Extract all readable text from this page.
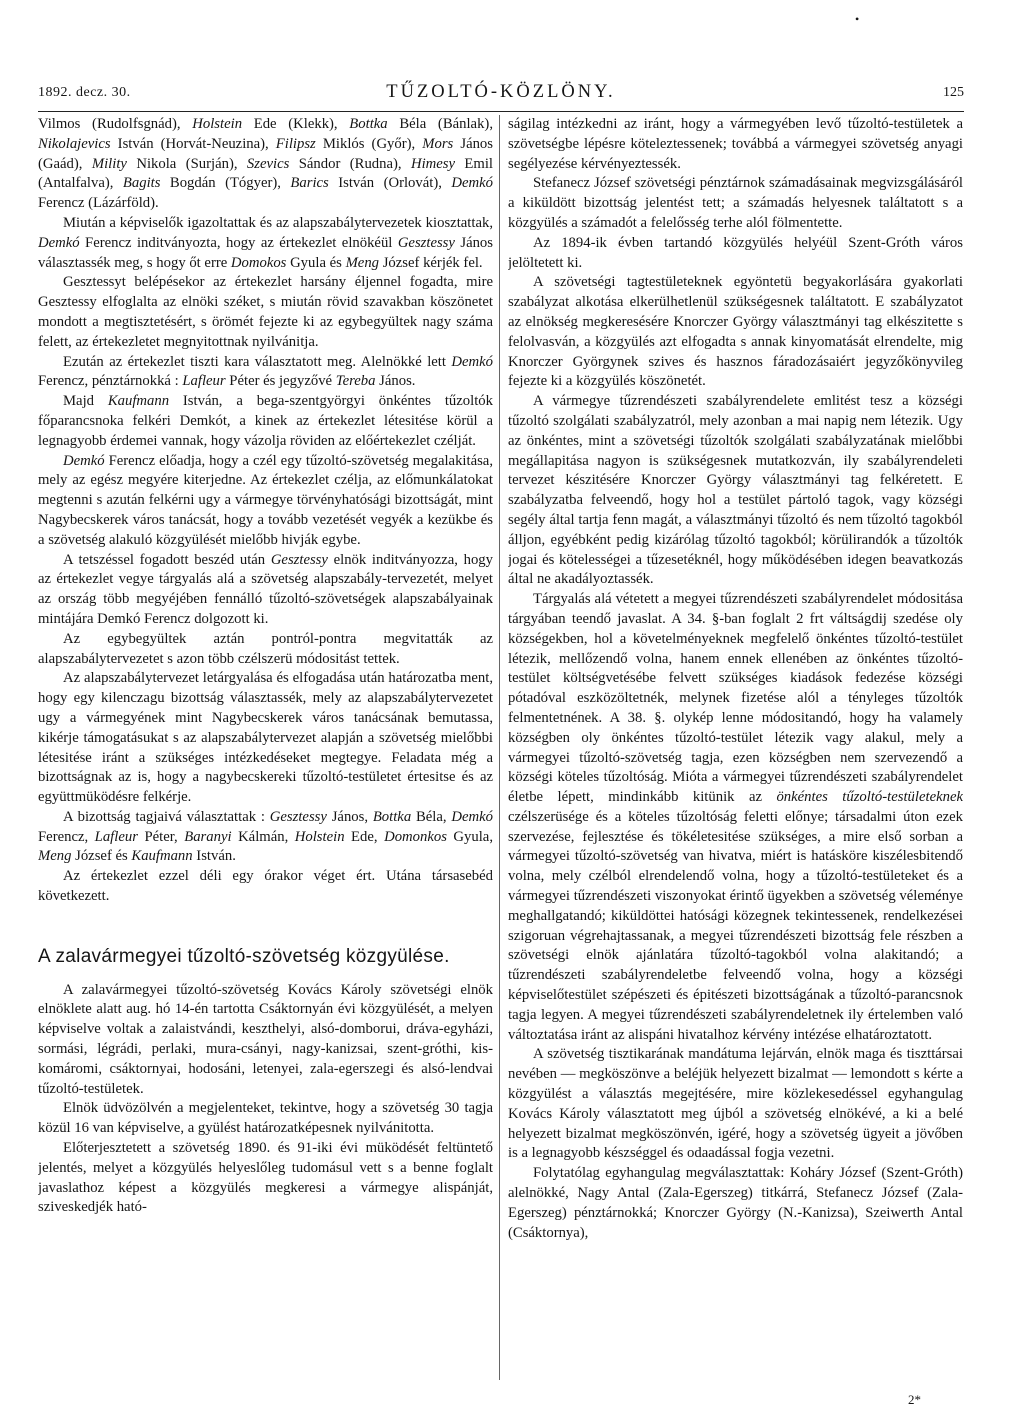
•
1892. decz. 30.	TŰZOLTÓ-KÖZLÖNY.	125

Vilmos (Rudolfsgnád), Holstein Ede (Klekk), Bottka Béla (Bánlak), Nikolajevics István (Horvát-Neuzina), Filipsz Miklós (Győr), Mors János (Gaád), Mility Nikola (Surján), Szevics Sándor (Rudna), Himesy Emil (Antalfalva), Bagits Bogdán (Tógyer), Barics István (Orlovát), Demkó Ferencz (Lázárföld).

Miután a képviselők igazoltattak és az alapszabálytervezetek kiosztattak, Demkó Ferencz inditványozta, hogy az értekezlet elnökéül Gesztessy János választassék meg, s hogy őt erre Domokos Gyula és Meng József kérjék fel.

Gesztessyt belépésekor az értekezlet harsány éljennel fogadta, mire Gesztessy elfoglalta az elnöki széket, s miután rövid szavakban köszönetet mondott a megtisztetésért, s örömét fejezte ki az egybegyültek nagy száma felett, az értekezletet megnyitottnak nyilvánitja.

Ezután az értekezlet tiszti kara választatott meg. Alelnökké lett Demkó Ferencz, pénztárnokká : Lafleur Péter és jegyzővé Tereba János.

Majd Kaufmann István, a bega-szentgyörgyi önkéntes tűzoltók főparancsnoka felkéri Demkót, a kinek az értekezlet létesitése körül a legnagyobb érdemei vannak, hogy vázolja röviden az előértekezlet czélját.

Demkó Ferencz előadja, hogy a czél egy tűzoltó-szövetség megalakitása, mely az egész megyére kiterjedne. Az értekezlet czélja, az előmunkálatokat megtenni s azután felkérni ugy a vármegye törvényhatósági bizottságát, mint Nagybecskerek város tanácsát, hogy a tovább vezetését vegyék a kezükbe és a szövetség alakuló közgyülését mielőbb hivják egybe.

A tetszéssel fogadott beszéd után Gesztessy elnök inditványozza, hogy az értekezlet vegye tárgyalás alá a szövetség alapszabály-tervezetét, melyet az ország több megyéjében fennálló tűzoltó-szövetségek alapszabályainak mintájára Demkó Ferencz dolgozott ki.

Az egybegyültek aztán pontról-pontra megvitatták az alapszabálytervezetet s azon több czélszerü módositást tettek.

Az alapszabálytervezet letárgyalása és elfogadása után határozatba ment, hogy egy kilenczagu bizottság választassék, mely az alapszabálytervezetet ugy a vármegyének mint Nagybecskerek város tanácsának bemutassa, kikérje támogatásukat s az alapszabálytervezet alapján a szövetség mielőbbi létesitése iránt a szükséges intézkedéseket megtegye. Feladata még a bizottságnak az is, hogy a nagybecskereki tűzoltó-testületet értesitse és az együttmüködésre felkérje.

A bizottság tagjaivá választattak : Gesztessy János, Bottka Béla, Demkó Ferencz, Lafleur Péter, Baranyi Kálmán, Holstein Ede, Domonkos Gyula, Meng József és Kaufmann István.

Az értekezlet ezzel déli egy órakor véget ért. Utána társasebéd következett.

A zalavármegyei tűzoltó-szövetség közgyülése.

A zalavármegyei tűzoltó-szövetség Kovács Károly szövetségi elnök elnöklete alatt aug. hó 14-én tartotta Csáktornyán évi közgyülését, a melyen képviselve voltak a zalaistvándi, keszthelyi, alsó-domborui, dráva-egyházi, sormási, légrádi, perlaki, mura-csányi, nagy-kanizsai, szent-gróthi, kis-komáromi, csáktornyai, hodosáni, letenyei, zala-egerszegi és alsó-lendvai tűzoltó-testületek.

Elnök üdvözölvén a megjelenteket, tekintve, hogy a szövetség 30 tagja közül 16 van képviselve, a gyülést határozatképesnek nyilvánitotta.

Előterjesztetett a szövetség 1890. és 91-iki évi müködését feltüntető jelentés, melyet a közgyülés helyeslőleg tudomásul vett s a benne foglalt javaslathoz képest a közgyülés megkeresi a vármegye alispánját, sziveskedjék ható-

ságilag intézkedni az iránt, hogy a vármegyében levő tűzoltó-testületek a szövetségbe lépésre köteleztessenek; továbbá a vármegyei szövetség anyagi segélyezése kérvényeztessék.

Stefanecz József szövetségi pénztárnok számadásainak megvizsgálásáról a kiküldött bizottság jelentést tett; a számadás helyesnek találtatott s a közgyülés a számadót a felelősség terhe alól fölmentette.

Az 1894-ik évben tartandó közgyülés helyéül Szent-Gróth város jelöltetett ki.

A szövetségi tagtestületeknek egyöntetü begyakorlására gyakorlati szabályzat alkotása elkerülhetlenül szükségesnek találtatott. E szabályzatot az elnökség megkeresésére Knorczer György választmányi tag elkészitette s felolvasván, a közgyülés azt elfogadta s annak kinyomatását elrendelte, mig Knorczer Györgynek szives és hasznos fáradozásaiért jegyzőkönyvileg fejezte ki a közgyülés köszönetét.

A vármegye tűzrendészeti szabályrendelete emlitést tesz a községi tűzoltó szolgálati szabályzatról, mely azonban a mai napig nem létezik. Ugy az önkéntes, mint a szövetségi tűzoltók szolgálati szabályzatának mielőbbi megállapitása nagyon is szükségesnek mutatkozván, ily szabályrendeleti tervezet készitésére Knorczer György választmányi tag felkéretett. E szabályzatba felveendő, hogy hol a testület pártoló tagok, vagy községi segély által tartja fenn magát, a választmányi tűzoltó és nem tűzoltó tagokból álljon, egyébként pedig kizárólag tűzoltó tagokból; körülirandók a tűzoltók jogai és kötelességei a tűzesetéknél, hogy működésében idegen beavatkozás által ne akadályoztassék.

Tárgyalás alá vétetett a megyei tűzrendészeti szabályrendelet módositása tárgyában teendő javaslat. A 34. §-ban foglalt 2 frt váltságdij szedése oly községekben, hol a követelményeknek megfelelő önkéntes tűzoltó-testület létezik, mellőzendő volna, hanem ennek ellenében az önkéntes tűzoltó-testület költségvetésébe felvett szükséges kiadások fedezése községi pótadóval eszközöltetnék, melynek fizetése alól a tényleges tűzoltók felmentetnének. A 38. §. olykép lenne módositandó, hogy ha valamely községben oly önkéntes tűzoltó-testület létezik vagy alakul, mely a vármegyei tűzoltó-szövetség tagja, ezen községben nem szervezendő a községi köteles tűzoltóság. Mióta a vármegyei tűzrendészeti szabályrendelet életbe lépett, mindinkább kitünik az önkéntes tűzoltó-testületeknek czélszerüsége és a köteles tűzoltóság feletti előnye; társadalmi úton ezek szervezése, fejlesztése és tökéletesitése szükséges, a mire első sorban a vármegyei tűzoltó-szövetség van hivatva, miért is hatásköre kiszélesbitendő volna, mely czélból elrendelendő volna, hogy a tűzoltó-testületeket és a vármegyei tűzrendészeti viszonyokat érintő ügyekben a szövetség véleménye meghallgatandó; kiküldöttei hatósági közegnek tekintessenek, rendelkezései szigoruan végrehajtassanak, a megyei tűzrendészeti bizottság fele részben a szövetségi elnök ajánlatára tűzoltó-tagokból volna alakitandó; a tűzrendészeti szabályrendeletbe felveendő volna, hogy a községi képviselőtestület szépészeti és épitészeti bizottságának a tűzoltó-parancsnok tagja legyen. A megyei tűzrendészeti szabályrendeletnek ily értelemben való változtatása iránt az alispáni hivatalhoz kérvény intézése elhatároztatott.

A szövetség tisztikarának mandátuma lejárván, elnök maga és tiszttársai nevében — megköszönve a beléjük helyezett bizalmat — lemondott s kérte a közgyülést a választás megejtésére, mire közlekesedéssel egyhangulag Kovács Károly választatott meg újból a szövetség elnökévé, a ki a belé helyezett bizalmat megköszönvén, igéré, hogy a szövetség ügyeit a jövőben is a legnagyobb készséggel és odaadással fogja vezetni.

Folytatólag egyhangulag megválasztattak: Koháry József (Szent-Gróth) alelnökké, Nagy Antal (Zala-Egerszeg) titkárrá, Stefanecz József (Zala-Egerszeg) pénztárnokká; Knorczer György (N.-Kanizsa), Szeiwerth Antal (Csáktornya),

2*
